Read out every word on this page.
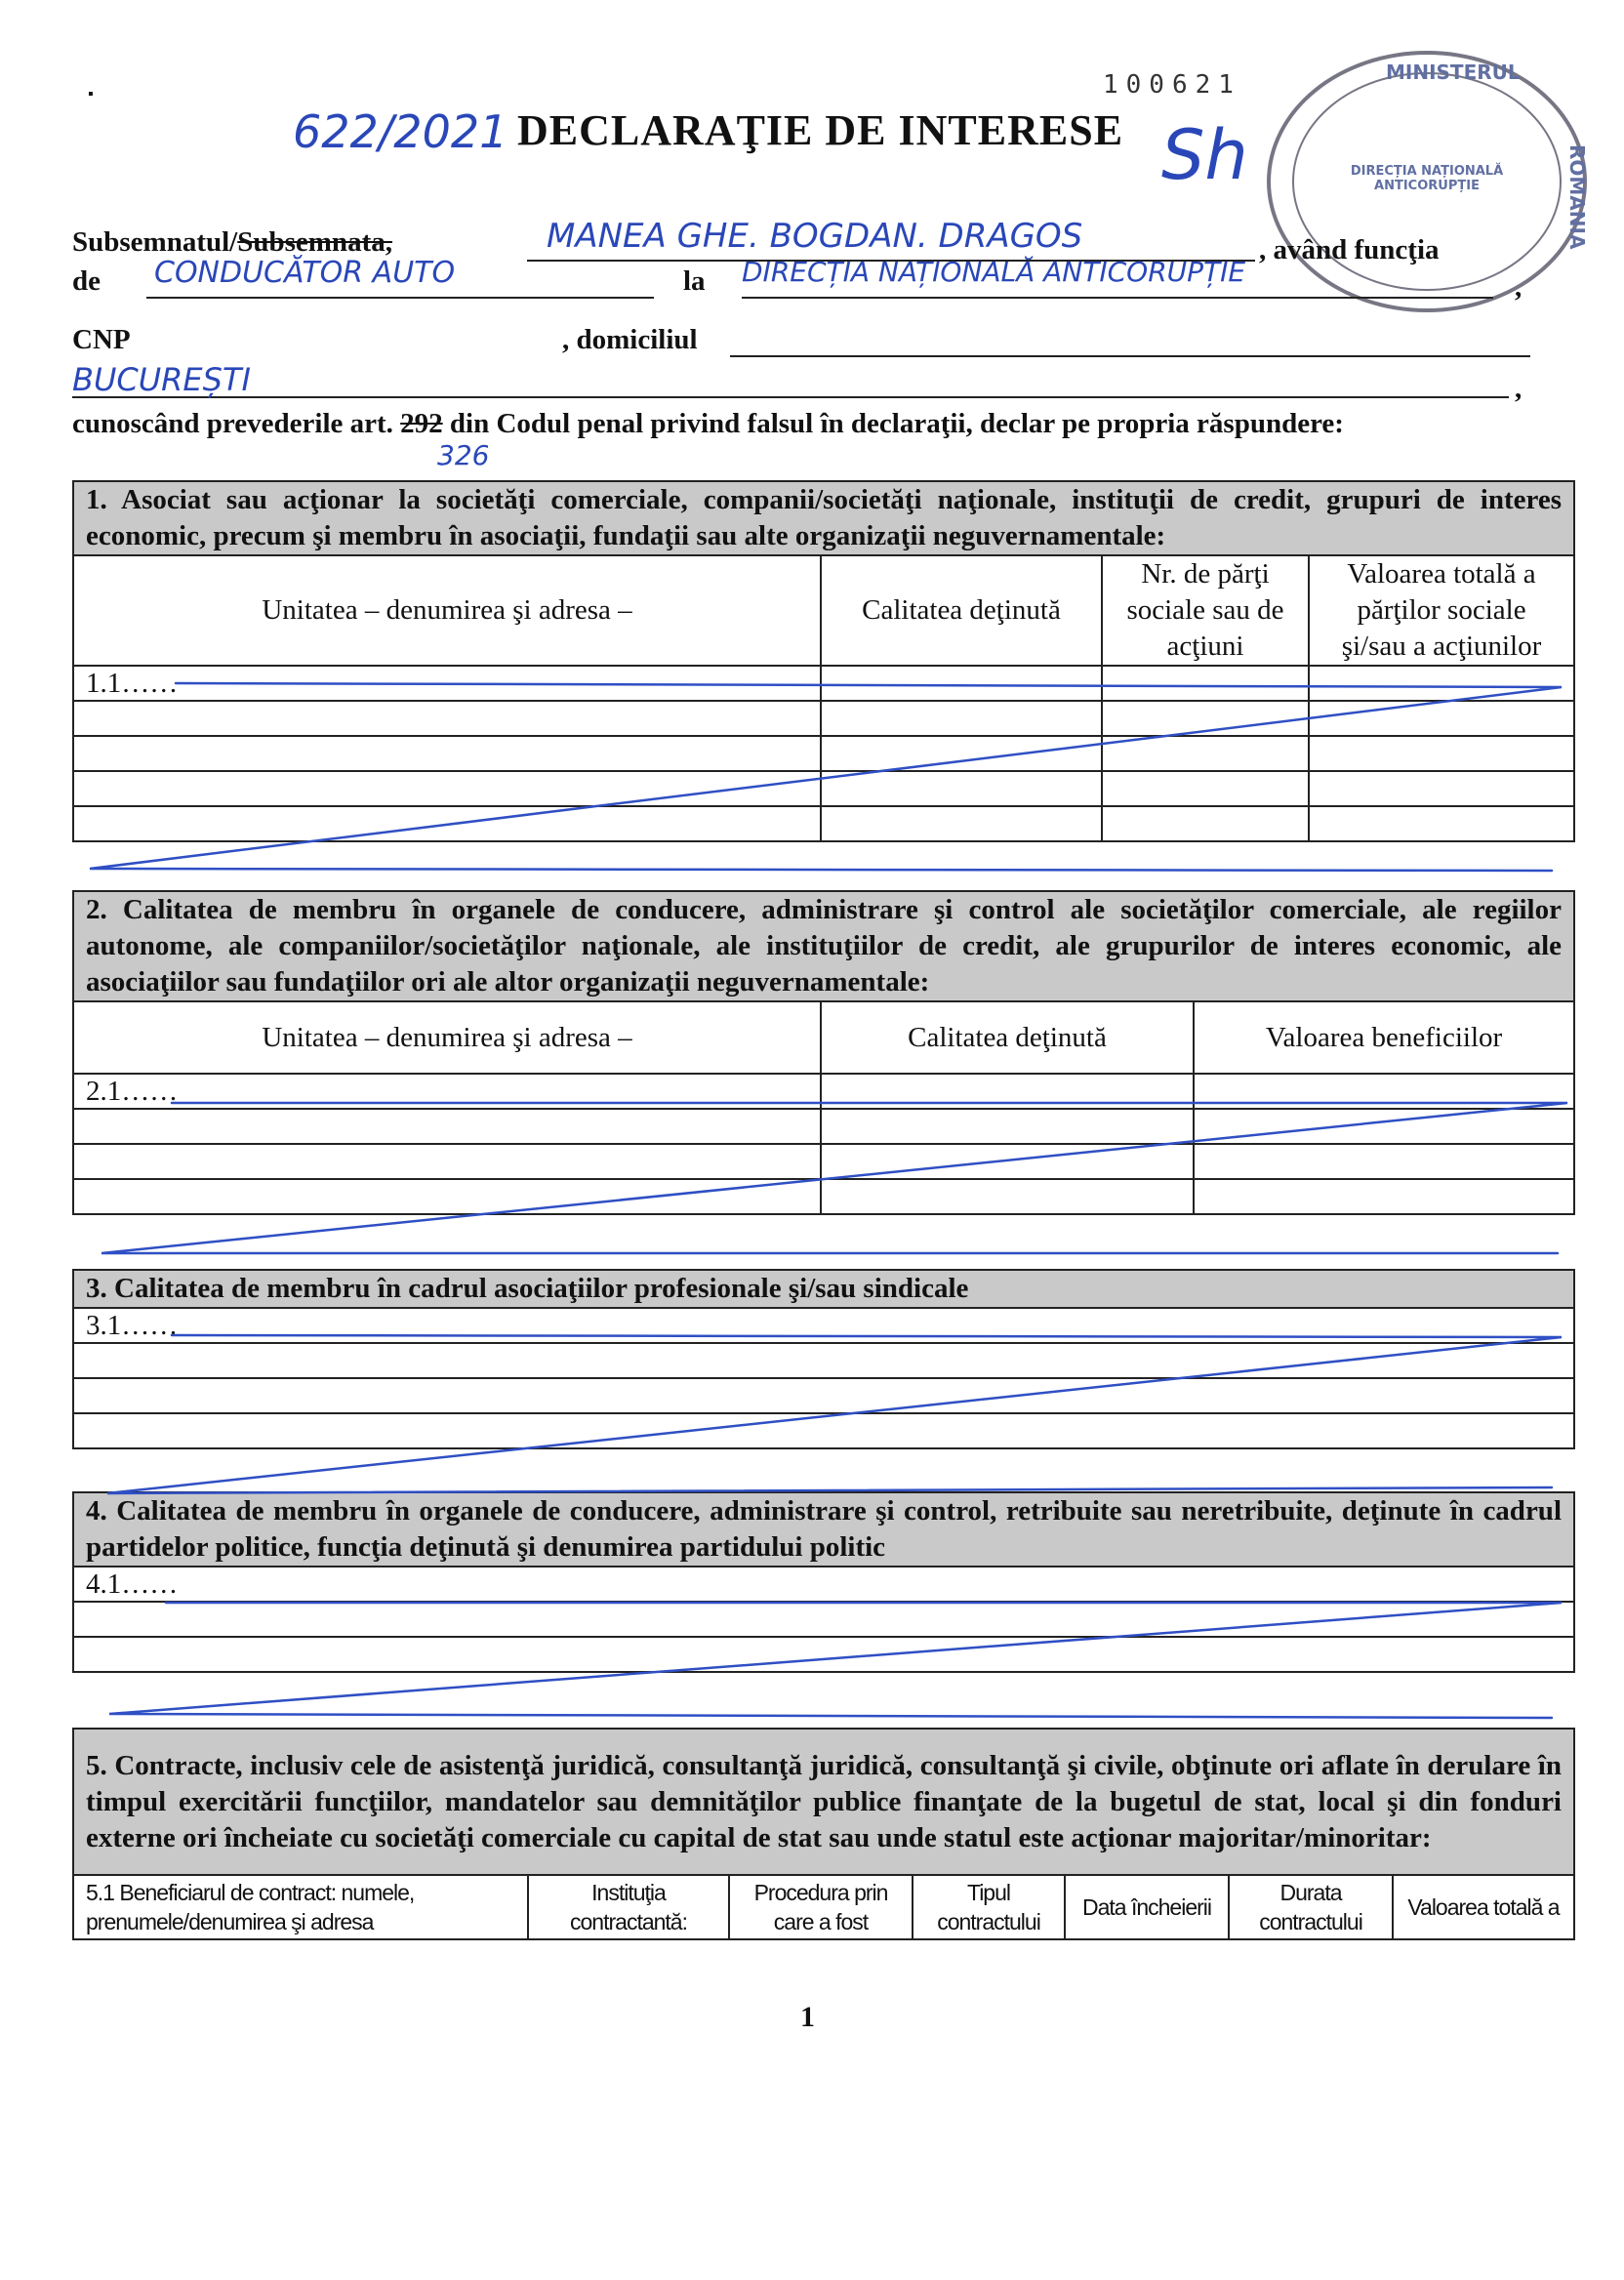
▪
622/2021 DECLARAŢIE DE INTERESE
100621
Sh
MINISTERUL
ROMANIA
DIRECȚIA NAȚIONALĂ ANTICORUPȚIE
Subsemnatul/Subsemnata,	MANEA GHE. BOGDAN. DRAGOS	, având funcţia
de CONDUCĂTOR AUTO	la DIRECȚIA NAȚIONALĂ ANTICORUPȚIE	,
CNP	, domiciliul
BUCUREȘTI	,
cunoscând prevederile art. 292 din Codul penal privind falsul în declaraţii, declar pe propria răspundere:
326
1. Asociat sau acţionar la societăţi comerciale, companii/societăţi naţionale, instituţii de credit, grupuri de interes economic, precum şi membru în asociaţii, fundaţii sau alte organizaţii neguvernamentale:			
Unitatea – denumirea şi adresa –	Calitatea deţinută	Nr. de părţi sociale sau de acţiuni	Valoarea totală a părţilor sociale şi/sau a acţiunilor
1.1……			

2. Calitatea de membru în organele de conducere, administrare şi control ale societăţilor comerciale, ale regiilor autonome, ale companiilor/societăţilor naţionale, ale instituţiilor de credit, ale grupurilor de interes economic, ale asociaţiilor sau fundaţiilor ori ale altor organizaţii neguvernamentale:		
Unitatea – denumirea şi adresa –	Calitatea deţinută	Valoarea beneficiilor
2.1……		

3. Calitatea de membru în cadrul asociaţiilor profesionale şi/sau sindicale
3.1……

4. Calitatea de membru în organele de conducere, administrare şi control, retribuite sau neretribuite, deţinute în cadrul partidelor politice, funcţia deţinută şi denumirea partidului politic
4.1……

5. Contracte, inclusiv cele de asistenţă juridică, consultanţă juridică, consultanţă şi civile, obţinute ori aflate în derulare în timpul exercitării funcţiilor, mandatelor sau demnităţilor publice finanţate de la bugetul de stat, local şi din fonduri externe ori încheiate cu societăţi comerciale cu capital de stat sau unde statul este acţionar majoritar/minoritar:
5.1 Beneficiarul de contract: numele, prenumele/denumirea şi adresa	Instituţia contractantă:	Procedura prin care a fost	Tipul contractului	Data încheierii	Durata contractului	Valoarea totală a
1
